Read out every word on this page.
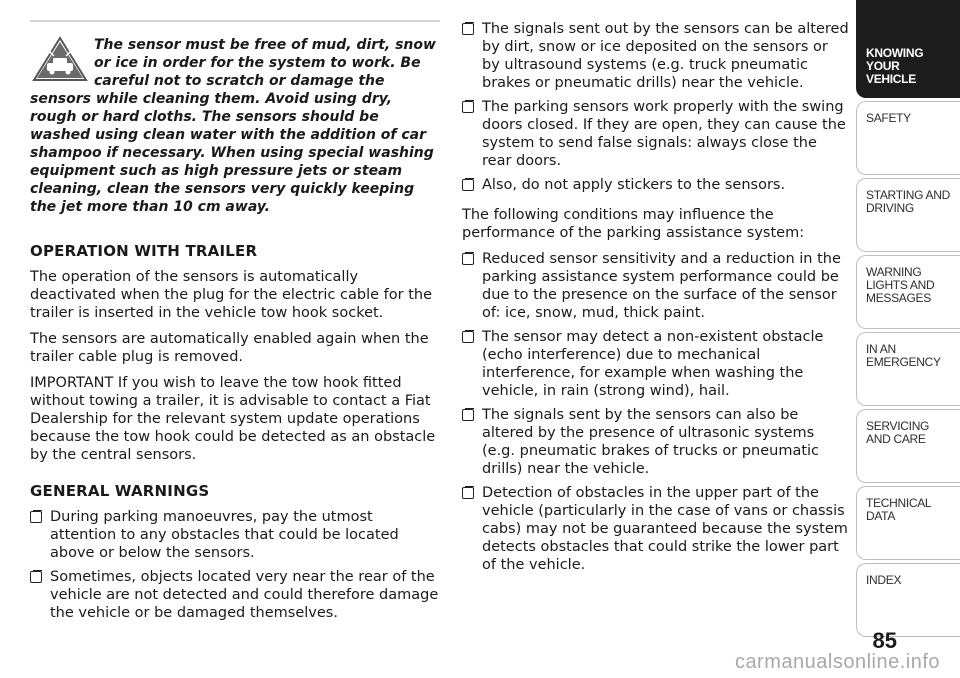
The sensor must be free of mud, dirt, snow
or ice in order for the system to work. Be
careful not to scratch or damage the
sensors while cleaning them. Avoid using dry, rough or hard cloths. The sensors should be washed using clean water with the addition of car shampoo if necessary. When using special washing equipment such as high pressure jets or steam cleaning, clean the sensors very quickly keeping the jet more than 10 cm away.

OPERATION WITH TRAILER

The operation of the sensors is automatically deactivated when the plug for the electric cable for the trailer is inserted in the vehicle tow hook socket.

The sensors are automatically enabled again when the trailer cable plug is removed.

IMPORTANT If you wish to leave the tow hook fitted without towing a trailer, it is advisable to contact a Fiat Dealership for the relevant system update operations because the tow hook could be detected as an obstacle by the central sensors.

GENERAL WARNINGS
During parking manoeuvres, pay the utmost attention to any obstacles that could be located above or below the sensors.
Sometimes, objects located very near the rear of the vehicle are not detected and could therefore damage the vehicle or be damaged themselves.
The signals sent out by the sensors can be altered by dirt, snow or ice deposited on the sensors or by ultrasound systems (e.g. truck pneumatic brakes or pneumatic drills) near the vehicle.
The parking sensors work properly with the swing doors closed. If they are open, they can cause the system to send false signals: always close the rear doors.
Also, do not apply stickers to the sensors.

The following conditions may influence the performance of the parking assistance system:

Reduced sensor sensitivity and a reduction in the parking assistance system performance could be due to the presence on the surface of the sensor of: ice, snow, mud, thick paint.
The sensor may detect a non-existent obstacle (echo interference) due to mechanical interference, for example when washing the vehicle, in rain (strong wind), hail.
The signals sent by the sensors can also be altered by the presence of ultrasonic systems (e.g. pneumatic brakes of trucks or pneumatic drills) near the vehicle.
Detection of obstacles in the upper part of the vehicle (particularly in the case of vans or chassis cabs) may not be guaranteed because the system detects obstacles that could strike the lower part of the vehicle.
KNOWING YOUR VEHICLE
SAFETY
STARTING AND DRIVING
WARNING LIGHTS AND MESSAGES
IN AN EMERGENCY
SERVICING AND CARE
TECHNICAL DATA
INDEX
85
carmanualsonline.info
